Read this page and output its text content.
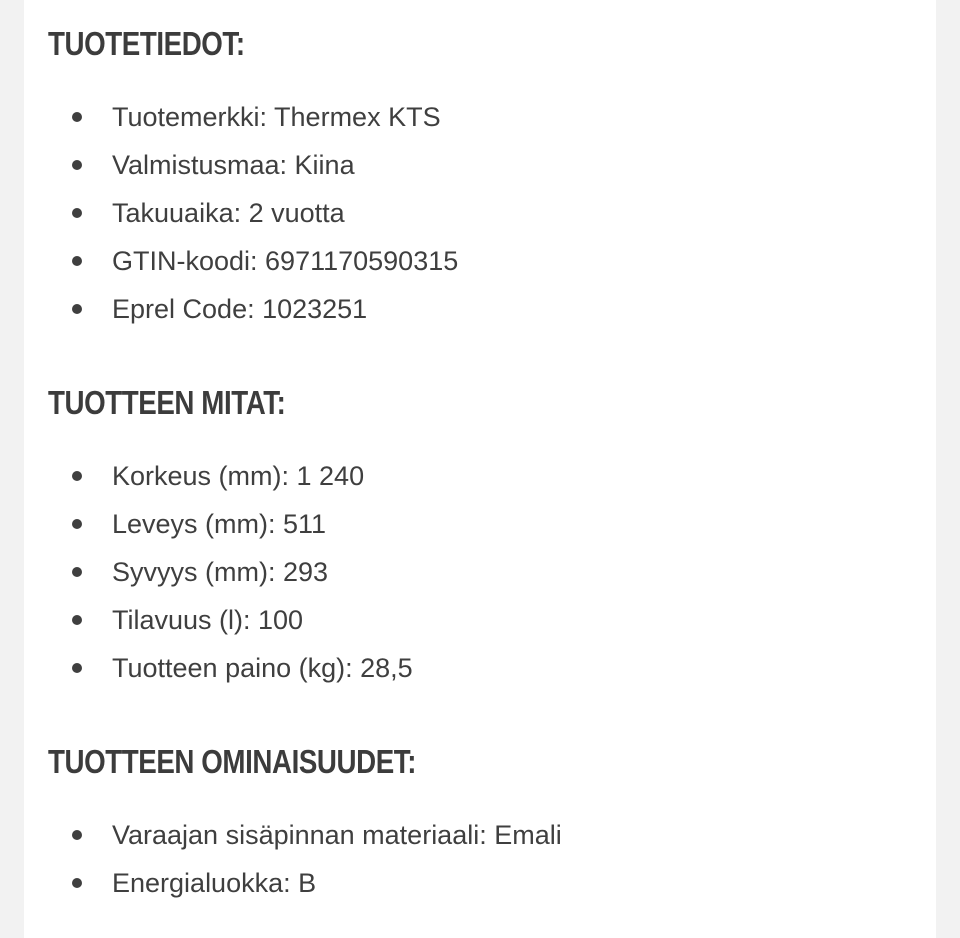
TUOTETIEDOT:
Tuotemerkki: Thermex KTS
Valmistusmaa: Kiina
Takuuaika: 2 vuotta
GTIN-koodi: 6971170590315
Eprel Code: 1023251
TUOTTEEN MITAT:
Korkeus (mm): 1 240
Leveys (mm): 511
Syvyys (mm): 293
Tilavuus (l): 100
Tuotteen paino (kg): 28,5
TUOTTEEN OMINAISUUDET:
Varaajan sisäpinnan materiaali: Emali
Energialuokka: B
